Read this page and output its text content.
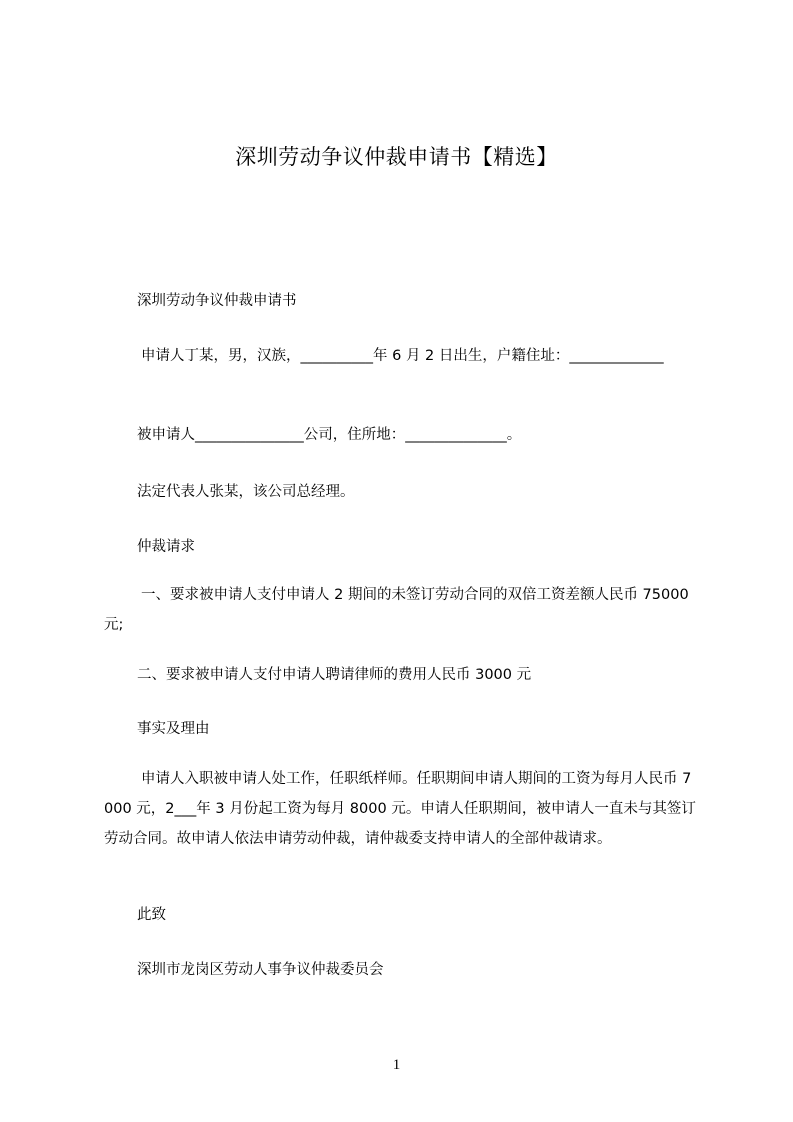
深圳劳动争议仲裁申请书【精选】

深圳劳动争议仲裁申请书

申请人丁某，男，汉族，__________年 6 月 2 日出生，户籍住址：_____________

被申请人_______________公司，住所地：______________。

法定代表人张某，该公司总经理。

仲裁请求

一、要求被申请人支付申请人 2 期间的未签订劳动合同的双倍工资差额人民币 75000 元;

二、要求被申请人支付申请人聘请律师的费用人民币 3000 元

事实及理由

申请人入职被申请人处工作，任职纸样师。任职期间申请人期间的工资为每月人民币 7000 元，2___年 3 月份起工资为每月 8000 元。申请人任职期间，被申请人一直未与其签订劳动合同。故申请人依法申请劳动仲裁，请仲裁委支持申请人的全部仲裁请求。

此致

深圳市龙岗区劳动人事争议仲裁委员会

1
